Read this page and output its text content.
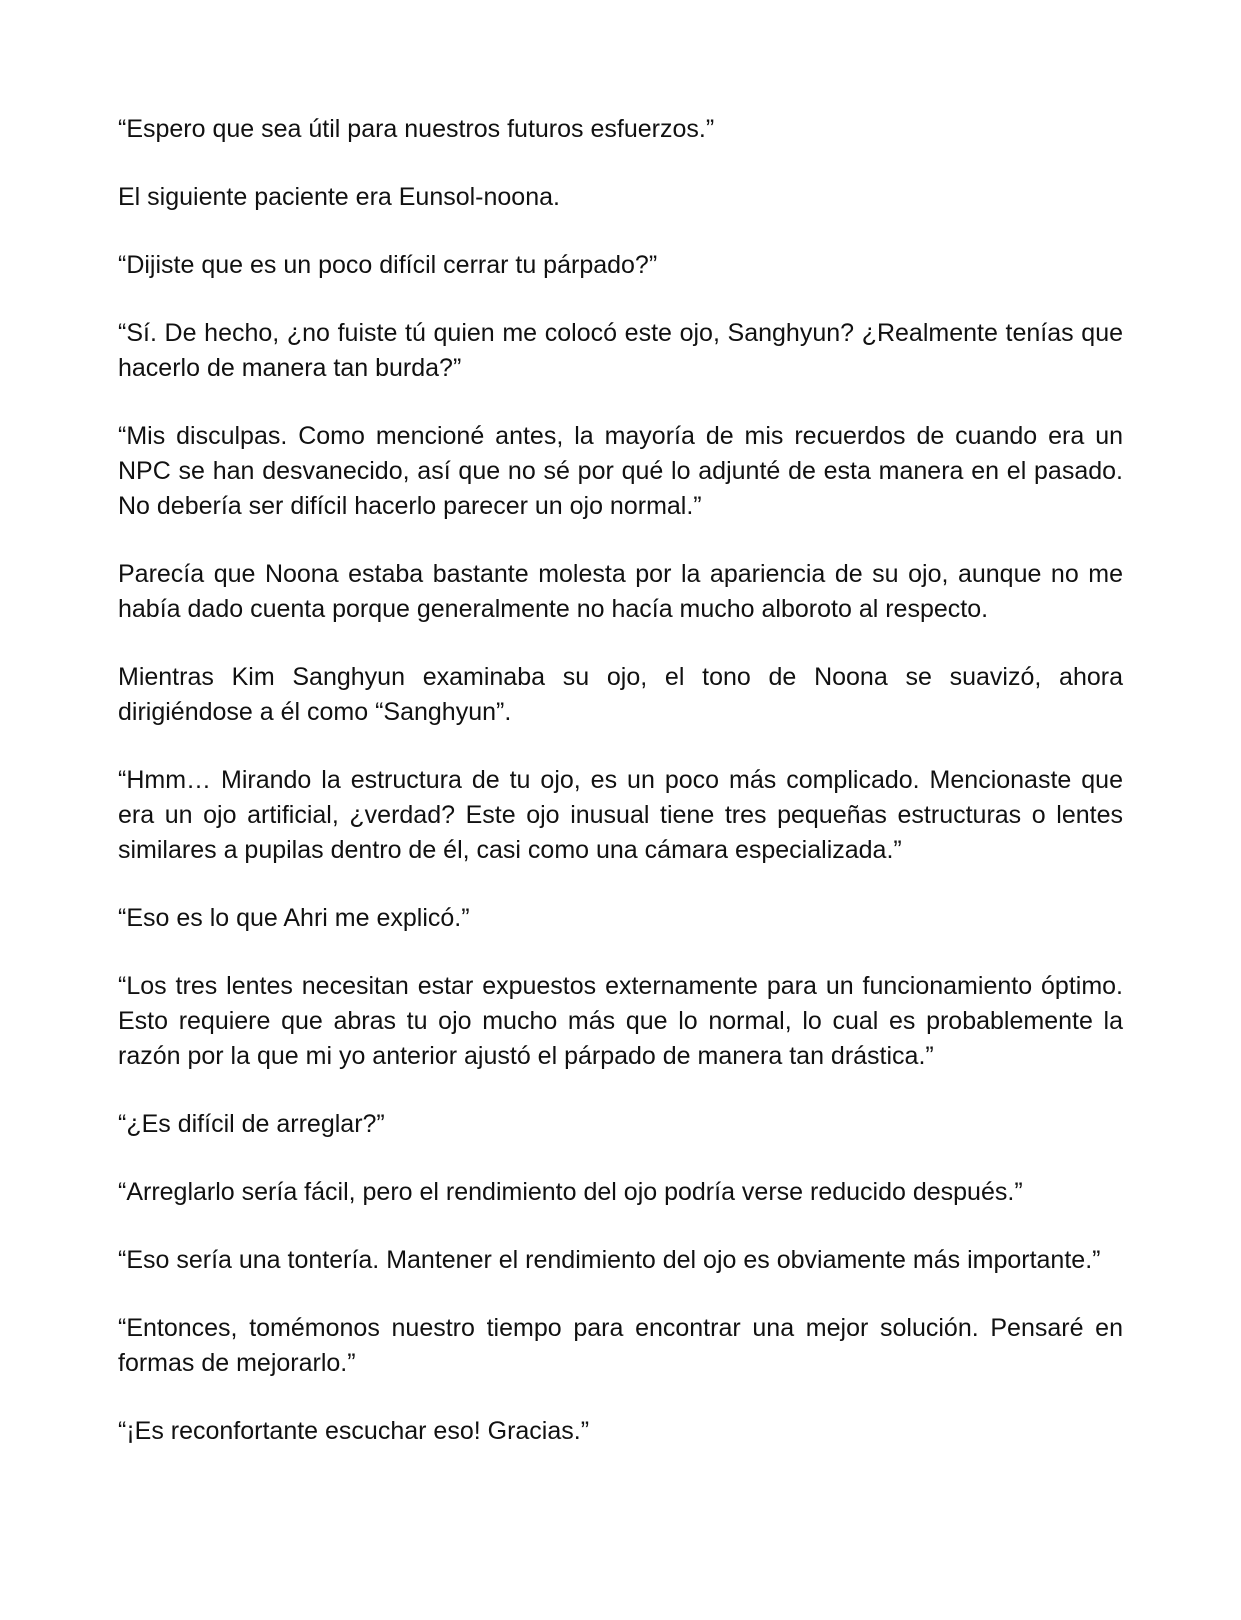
“Espero que sea útil para nuestros futuros esfuerzos.”

El siguiente paciente era Eunsol-noona.

“Dijiste que es un poco difícil cerrar tu párpado?”

“Sí. De hecho, ¿no fuiste tú quien me colocó este ojo, Sanghyun? ¿Realmente tenías que hacerlo de manera tan burda?”

“Mis disculpas. Como mencioné antes, la mayoría de mis recuerdos de cuando era un NPC se han desvanecido, así que no sé por qué lo adjunté de esta manera en el pasado. No debería ser difícil hacerlo parecer un ojo normal.”

Parecía que Noona estaba bastante molesta por la apariencia de su ojo, aunque no me había dado cuenta porque generalmente no hacía mucho alboroto al respecto.

Mientras Kim Sanghyun examinaba su ojo, el tono de Noona se suavizó, ahora dirigiéndose a él como “Sanghyun”.

“Hmm… Mirando la estructura de tu ojo, es un poco más complicado. Mencionaste que era un ojo artificial, ¿verdad? Este ojo inusual tiene tres pequeñas estructuras o lentes similares a pupilas dentro de él, casi como una cámara especializada.”

“Eso es lo que Ahri me explicó.”

“Los tres lentes necesitan estar expuestos externamente para un funcionamiento óptimo. Esto requiere que abras tu ojo mucho más que lo normal, lo cual es probablemente la razón por la que mi yo anterior ajustó el párpado de manera tan drástica.”

“¿Es difícil de arreglar?”

“Arreglarlo sería fácil, pero el rendimiento del ojo podría verse reducido después.”

“Eso sería una tontería. Mantener el rendimiento del ojo es obviamente más importante.”

“Entonces, tomémonos nuestro tiempo para encontrar una mejor solución. Pensaré en formas de mejorarlo.”

“¡Es reconfortante escuchar eso! Gracias.”
